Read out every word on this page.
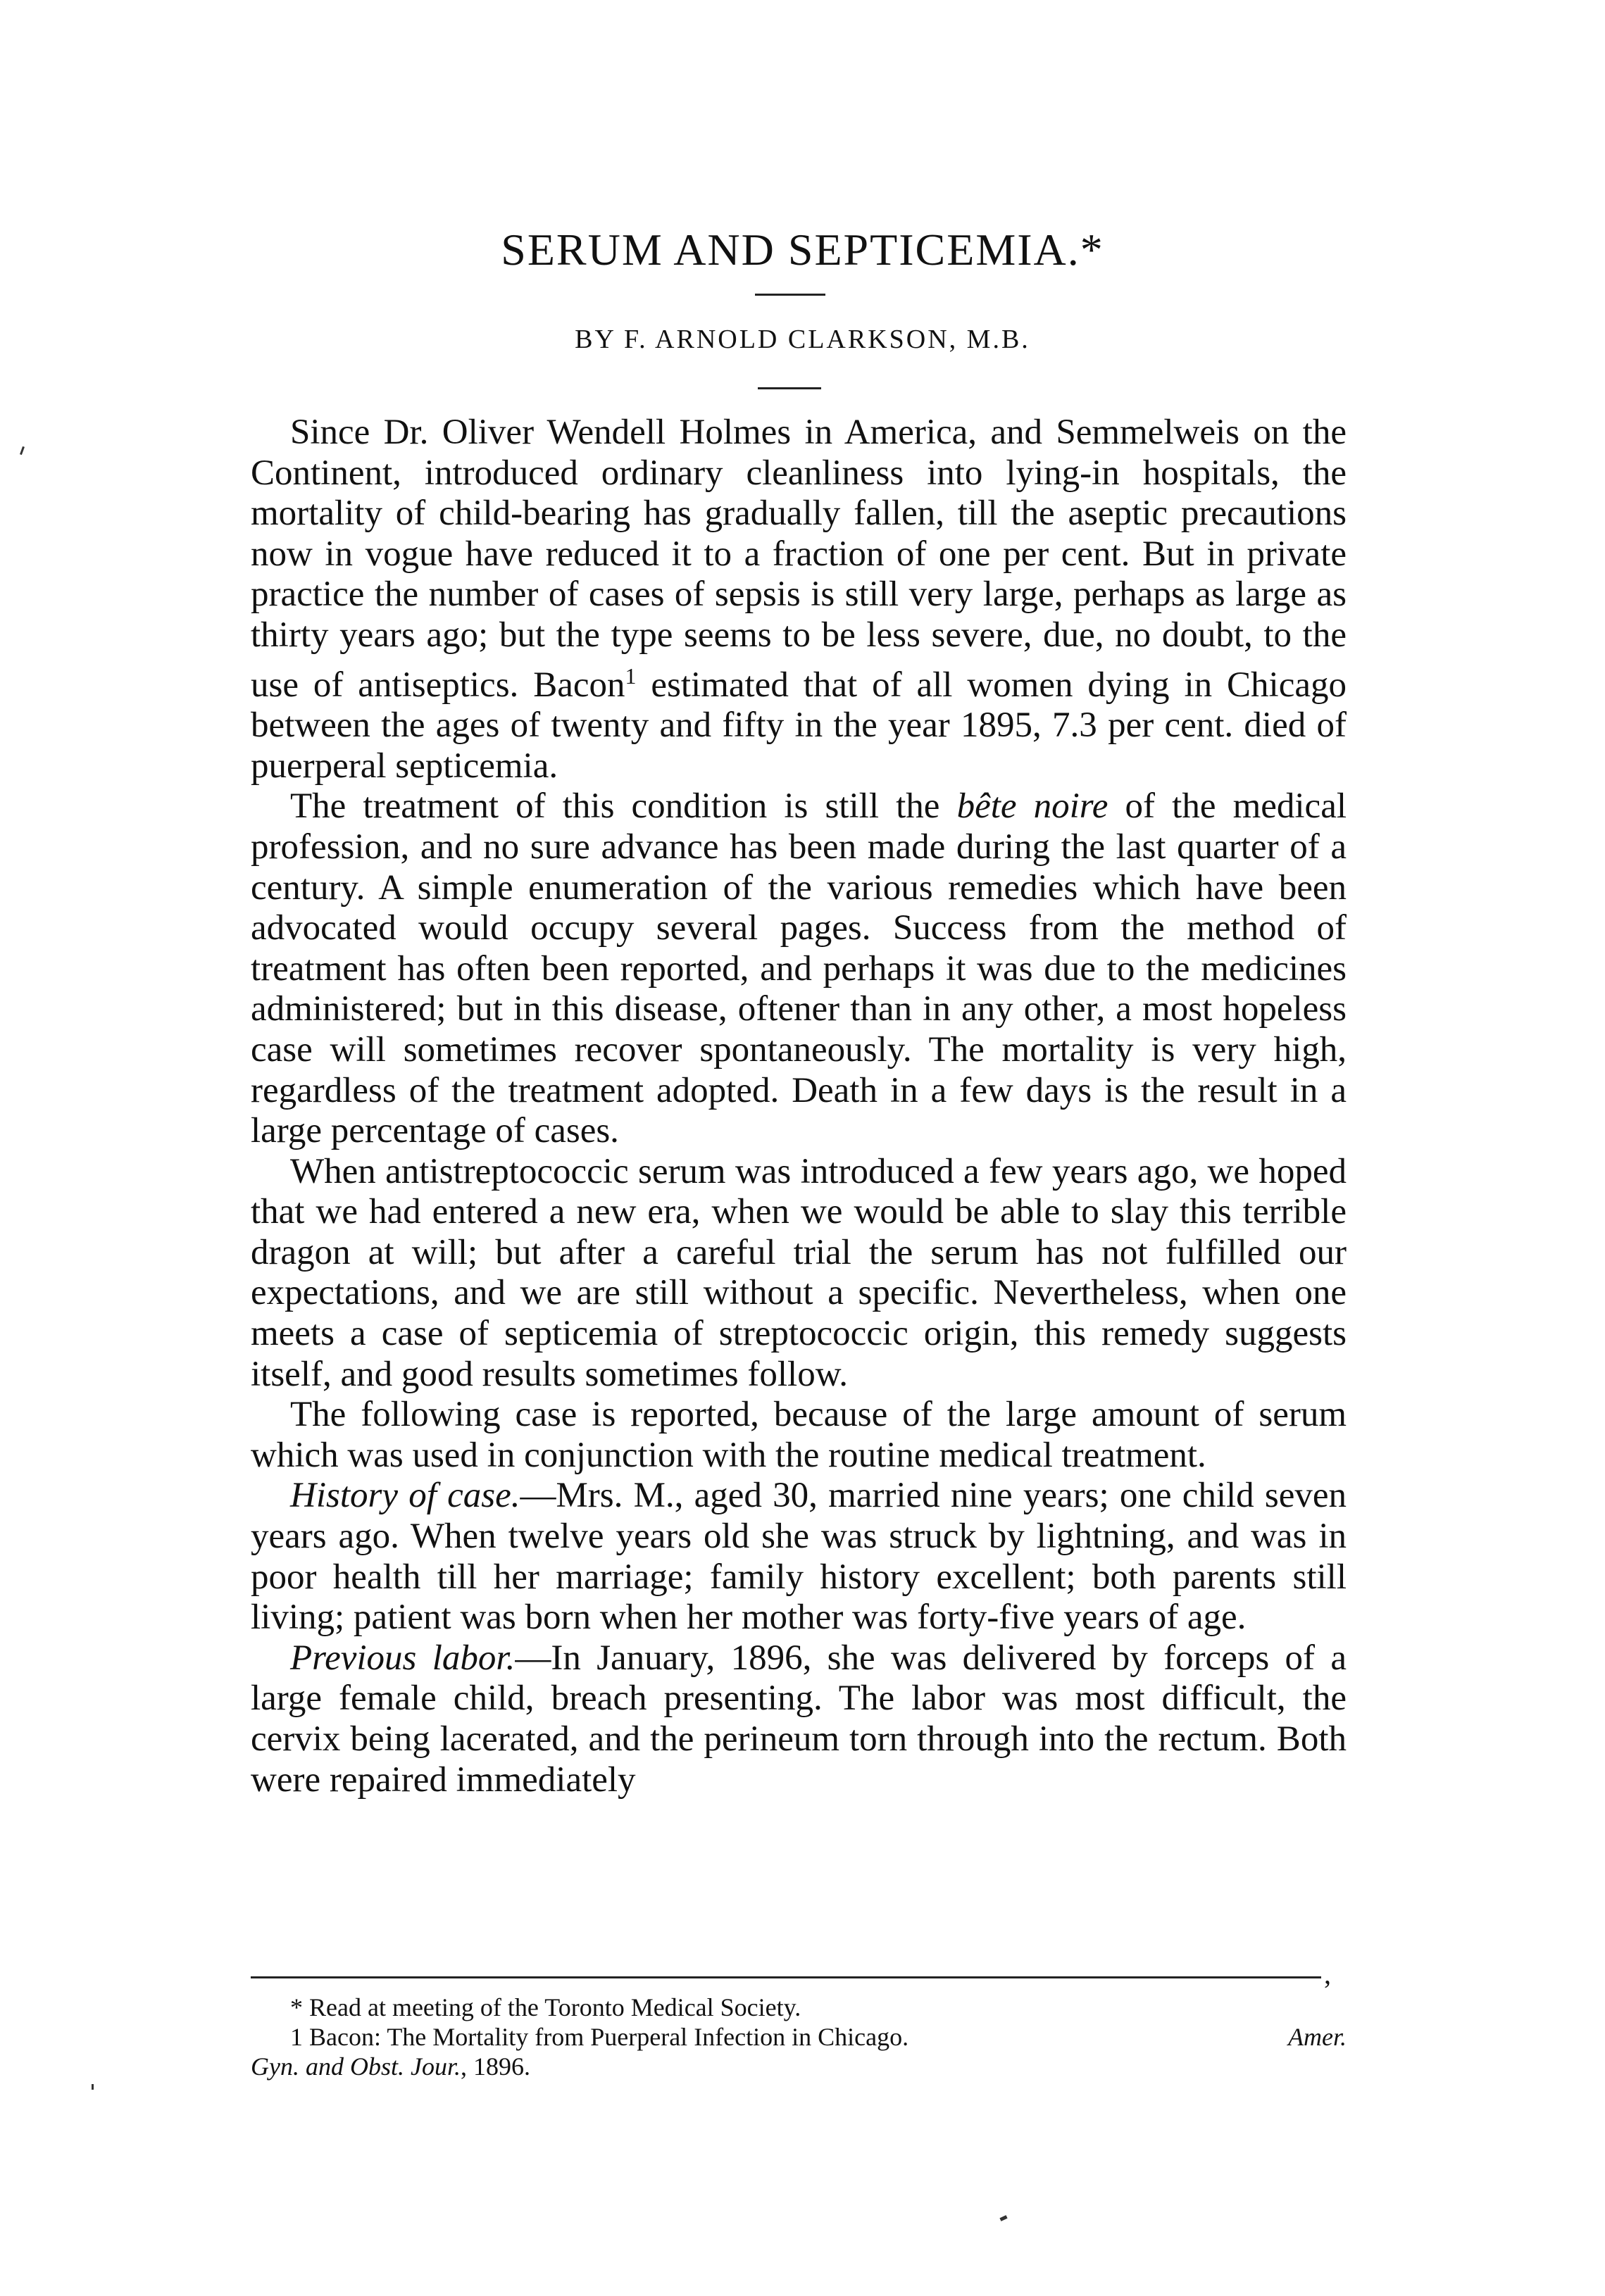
SERUM AND SEPTICEMIA.*

BY F. ARNOLD CLARKSON, M.B.

Since Dr. Oliver Wendell Holmes in America, and Semmelweis on the Continent, introduced ordinary cleanliness into lying-in hospitals, the mortality of child-bearing has gradually fallen, till the aseptic precautions now in vogue have reduced it to a fraction of one per cent. But in private practice the number of cases of sepsis is still very large, perhaps as large as thirty years ago; but the type seems to be less severe, due, no doubt, to the use of antiseptics. Bacon$^1$ estimated that of all women dying in Chicago between the ages of twenty and fifty in the year 1895, 7.3 per cent. died of puerperal septicemia.

The treatment of this condition is still the bête noire of the medical profession, and no sure advance has been made during the last quarter of a century. A simple enumeration of the various remedies which have been advocated would occupy several pages. Success from the method of treatment has often been reported, and perhaps it was due to the medicines administered; but in this disease, oftener than in any other, a most hopeless case will sometimes recover spontaneously. The mortality is very high, regardless of the treatment adopted. Death in a few days is the result in a large percentage of cases.

When antistreptococcic serum was introduced a few years ago, we hoped that we had entered a new era, when we would be able to slay this terrible dragon at will; but after a careful trial the serum has not fulfilled our expectations, and we are still without a specific. Nevertheless, when one meets a case of septicemia of streptococcic origin, this remedy suggests itself, and good results sometimes follow.

The following case is reported, because of the large amount of serum which was used in conjunction with the routine medical treatment.

History of case.—Mrs. M., aged 30, married nine years; one child seven years ago. When twelve years old she was struck by lightning, and was in poor health till her marriage; family history excellent; both parents still living; patient was born when her mother was forty-five years of age.

Previous labor.—In January, 1896, she was delivered by forceps of a large female child, breach presenting. The labor was most difficult, the cervix being lacerated, and the perineum torn through into the rectum. Both were repaired immediately

,

* Read at meeting of the Toronto Medical Society.

1 Bacon: The Mortality from Puerperal Infection in Chicago.	Amer.

Gyn. and Obst. Jour., 1896.
